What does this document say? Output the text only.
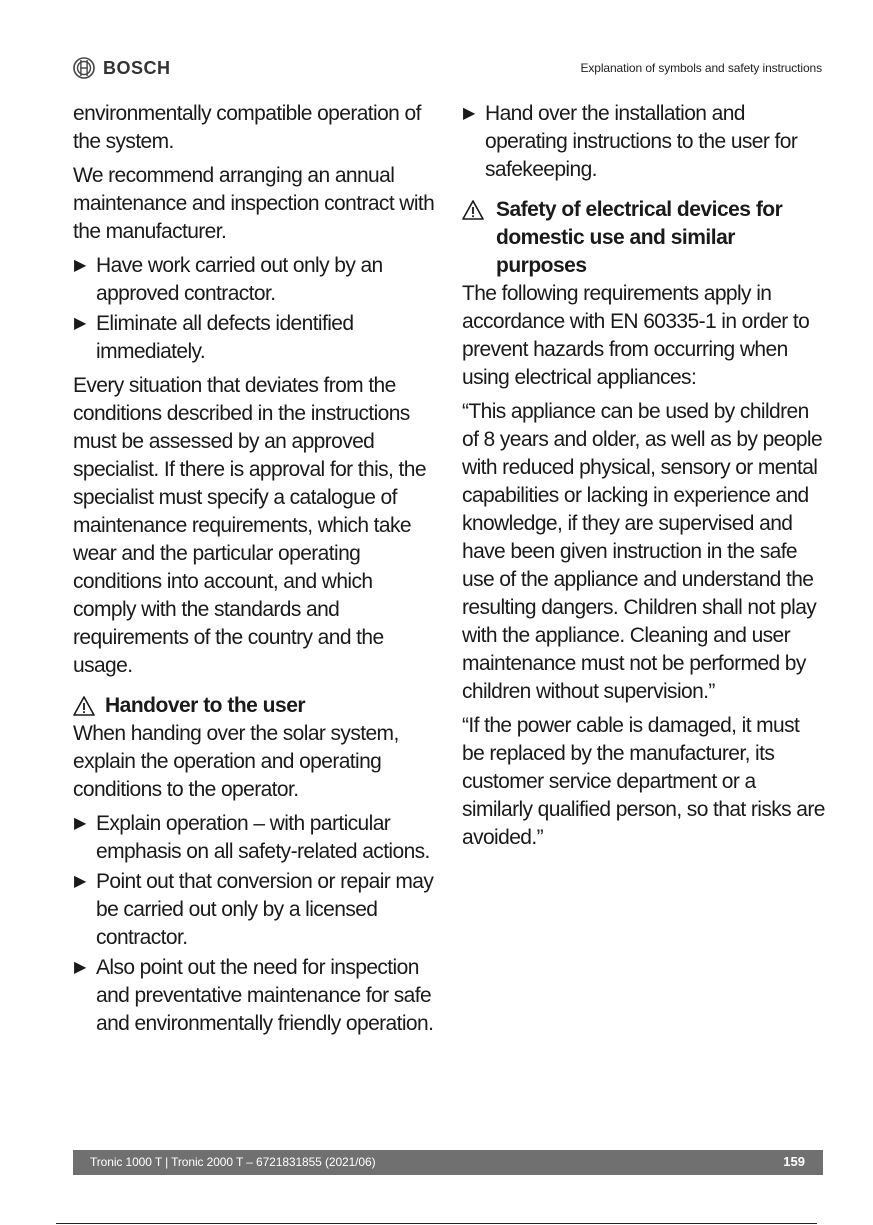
BOSCH	Explanation of symbols and safety instructions

environmentally compatible operation of the system.

We recommend arranging an annual maintenance and inspection contract with the manufacturer.

▶ Have work carried out only by an approved contractor.
▶ Eliminate all defects identified immediately.

Every situation that deviates from the conditions described in the instructions must be assessed by an approved specialist. If there is approval for this, the specialist must specify a catalogue of maintenance requirements, which take wear and the particular operating conditions into account, and which comply with the standards and requirements of the country and the usage.

Handover to the user

When handing over the solar system, explain the operation and operating conditions to the operator.

▶ Explain operation – with particular emphasis on all safety-related actions.
▶ Point out that conversion or repair may be carried out only by a licensed contractor.
▶ Also point out the need for inspection and preventative maintenance for safe and environmentally friendly operation.
▶ Hand over the installation and operating instructions to the user for safekeeping.
Safety of electrical devices for domestic use and similar purposes

The following requirements apply in accordance with EN 60335-1 in order to prevent hazards from occurring when using electrical appliances:

“This appliance can be used by children of 8 years and older, as well as by people with reduced physical, sensory or mental capabilities or lacking in experience and knowledge, if they are supervised and have been given instruction in the safe use of the appliance and understand the resulting dangers. Children shall not play with the appliance. Cleaning and user maintenance must not be performed by children without supervision.”

“If the power cable is damaged, it must be replaced by the manufacturer, its customer service department or a similarly qualified person, so that risks are avoided.”

Tronic 1000 T | Tronic 2000 T – 6721831855 (2021/06)	159
